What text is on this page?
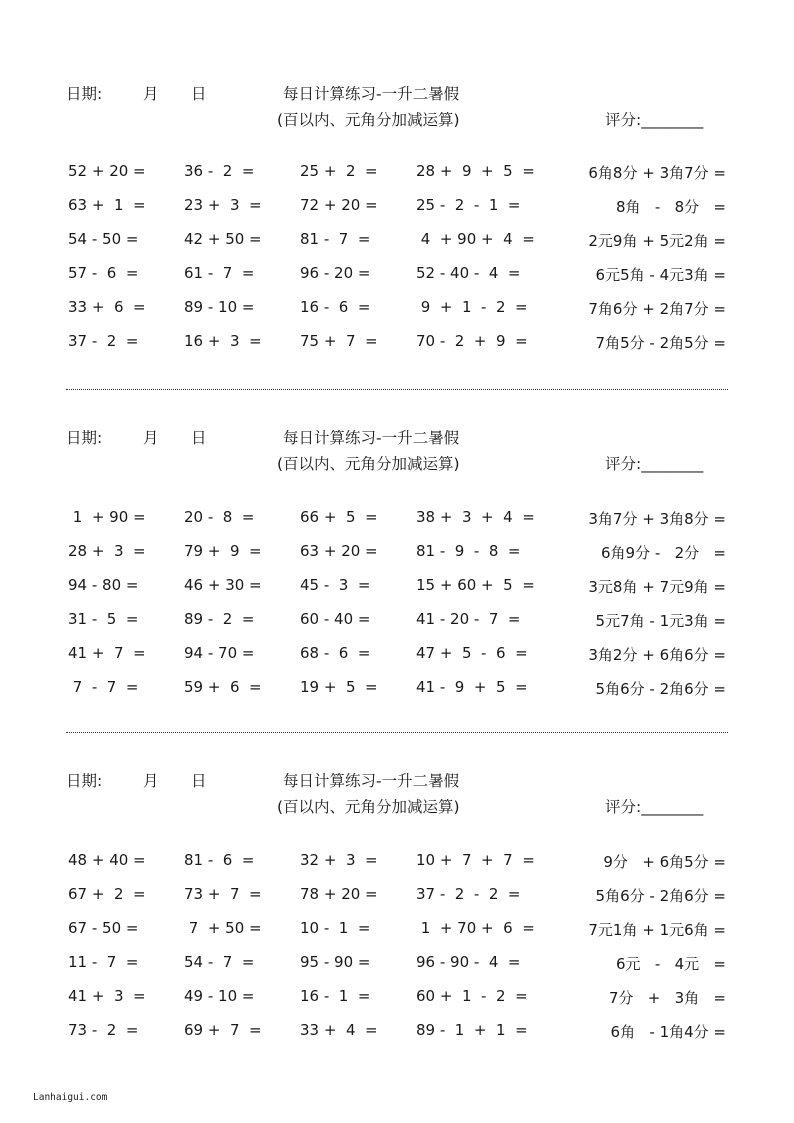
日期:	月 日	每日计算练习-一升二暑假
(百以内、元角分加减运算)	评分:________
52 + 20 =	36 -  2  =	25 +  2  =	28 +  9  +  5  =	6角8分 + 3角7分 =
63 +  1  =	23 +  3  =	72 + 20 =	25 -  2  -  1  =	8角   -   8分   =
54 - 50 =	42 + 50 =	81 -  7  =	4  + 90 +  4  =	2元9角 + 5元2角 =
57 -  6  =	61 -  7  =	96 - 20 =	52 - 40 -  4  =	6元5角 - 4元3角 =
33 +  6  =	89 - 10 =	16 -  6  =	9  +  1  -  2  =	7角6分 + 2角7分 =
37 -  2  =	16 +  3  =	75 +  7  =	70 -  2  +  9  =	7角5分 - 2角5分 =
日期:	月 日	每日计算练习-一升二暑假
(百以内、元角分加减运算)	评分:________
1  + 90 =	20 -  8  =	66 +  5  =	38 +  3  +  4  =	3角7分 + 3角8分 =
28 +  3  =	79 +  9  =	63 + 20 =	81 -  9  -  8  =	6角9分 -   2分   =
94 - 80 =	46 + 30 =	45 -  3  =	15 + 60 +  5  =	3元8角 + 7元9角 =
31 -  5  =	89 -  2  =	60 - 40 =	41 - 20 -  7  =	5元7角 - 1元3角 =
41 +  7  =	94 - 70 =	68 -  6  =	47 +  5  -  6  =	3角2分 + 6角6分 =
7  -  7  =	59 +  6  =	19 +  5  =	41 -  9  +  5  =	5角6分 - 2角6分 =
日期:	月 日	每日计算练习-一升二暑假
(百以内、元角分加减运算)	评分:________
48 + 40 =	81 -  6  =	32 +  3  =	10 +  7  +  7  =	9分   + 6角5分 =
67 +  2  =	73 +  7  =	78 + 20 =	37 -  2  -  2  =	5角6分 - 2角6分 =
67 - 50 =	7  + 50 =	10 -  1  =	1  + 70 +  6  =	7元1角 + 1元6角 =
11 -  7  =	54 -  7  =	95 - 90 =	96 - 90 -  4  =	6元   -   4元   =
41 +  3  =	49 - 10 =	16 -  1  =	60 +  1  -  2  =	7分   +   3角   =
73 -  2  =	69 +  7  =	33 +  4  =	89 -  1  +  1  =	6角   - 1角4分 =
Lanhaigui.com
